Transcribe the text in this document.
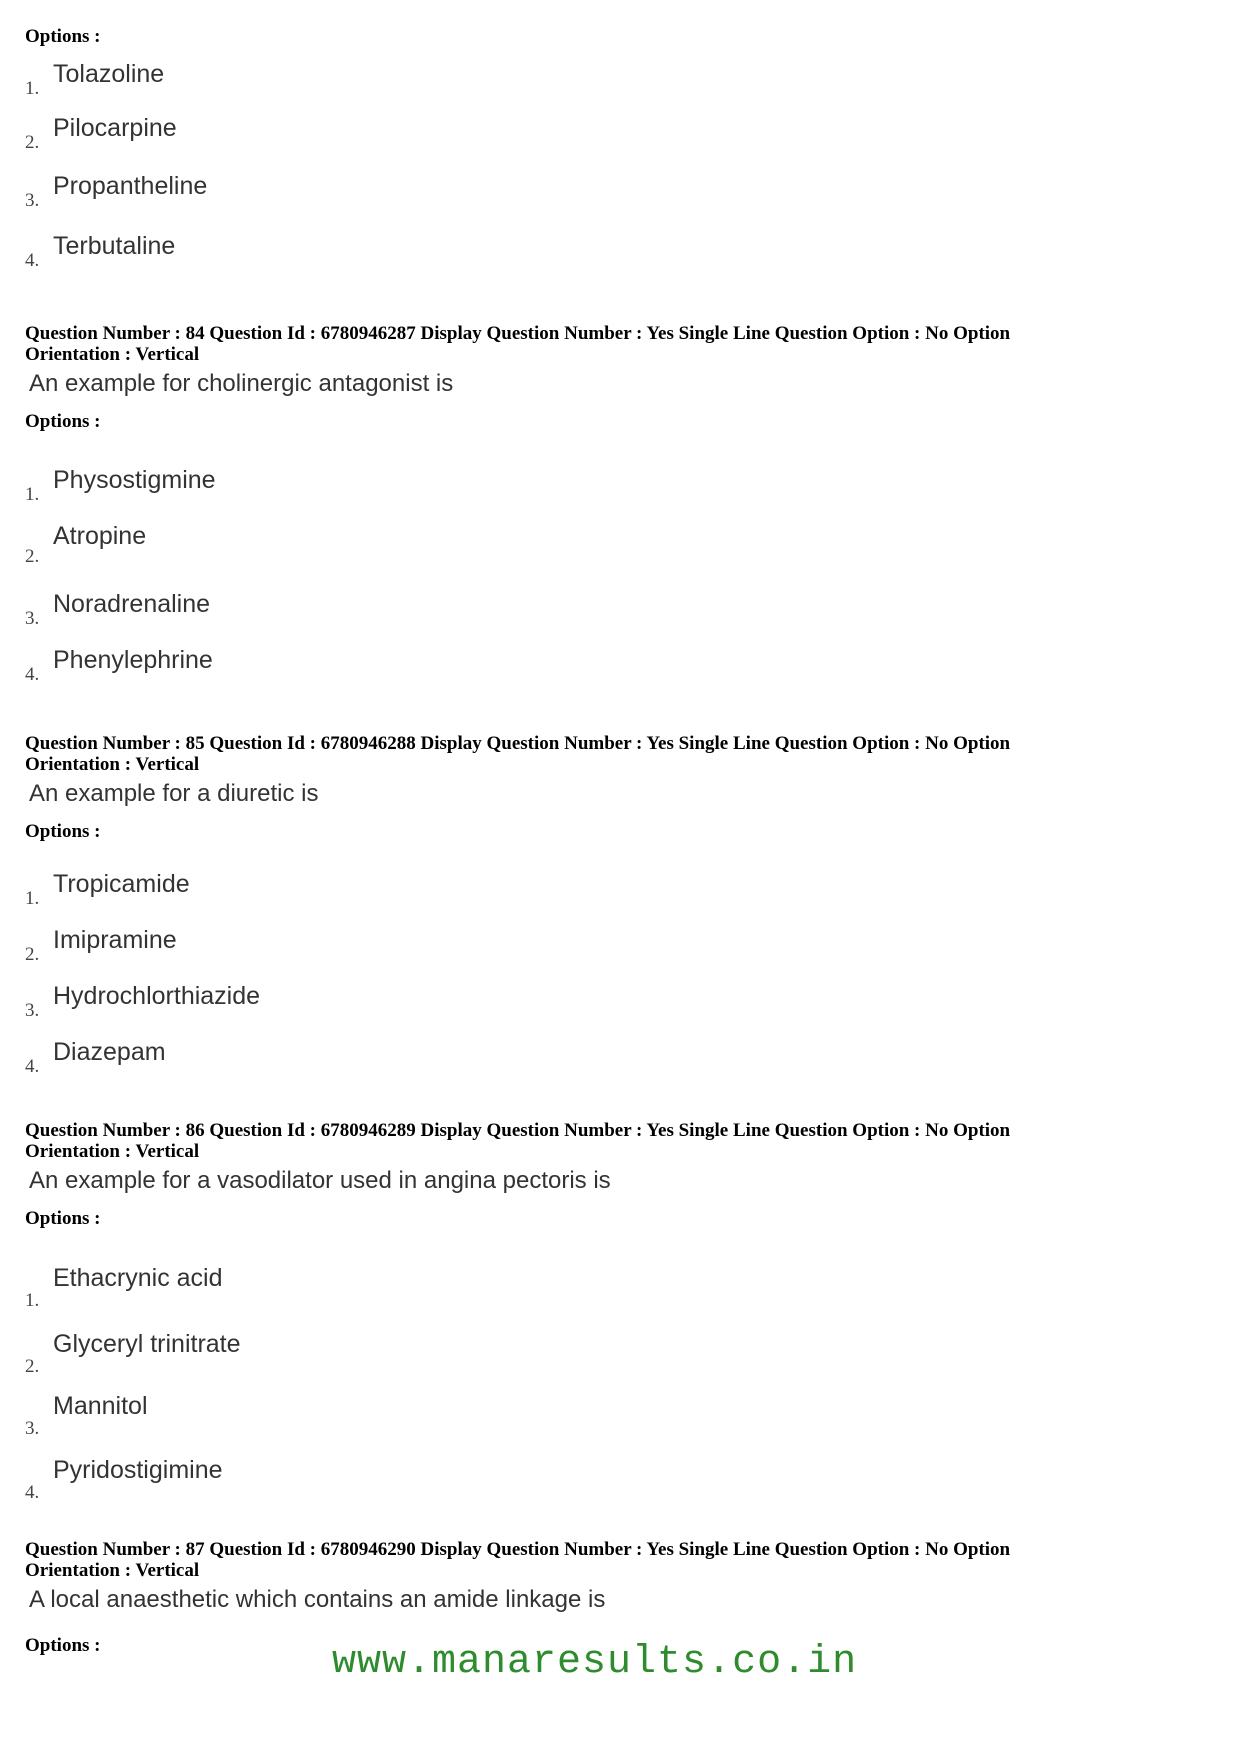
Options :

1.
Tolazoline
2.
Pilocarpine
3.
Propantheline
4.
Terbutaline

Question Number : 84 Question Id : 6780946287 Display Question Number : Yes Single Line Question Option : No Option

Orientation : Vertical

An example for cholinergic antagonist is

Options :

1.
Physostigmine
2.
Atropine
3.
Noradrenaline
4.
Phenylephrine

Question Number : 85 Question Id : 6780946288 Display Question Number : Yes Single Line Question Option : No Option

Orientation : Vertical

An example for a diuretic is

Options :

1.
Tropicamide
2.
Imipramine
3.
Hydrochlorthiazide
4.
Diazepam

Question Number : 86 Question Id : 6780946289 Display Question Number : Yes Single Line Question Option : No Option

Orientation : Vertical

An example for a vasodilator used in angina pectoris is

Options :

1.
Ethacrynic acid
2.
Glyceryl trinitrate
3.
Mannitol
4.
Pyridostigimine

Question Number : 87 Question Id : 6780946290 Display Question Number : Yes Single Line Question Option : No Option

Orientation : Vertical

A local anaesthetic which contains an amide linkage is

Options :	www.manaresults.co.in
